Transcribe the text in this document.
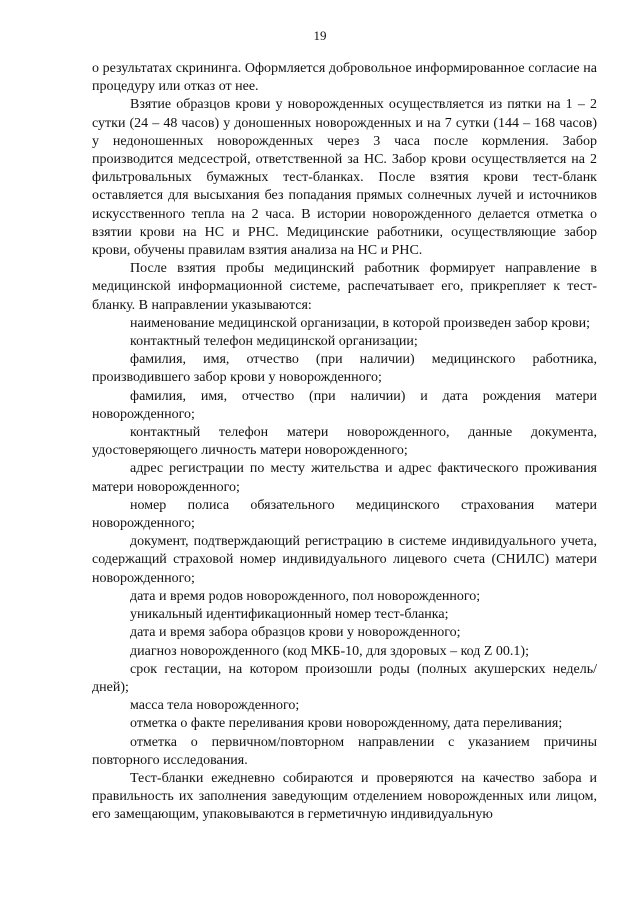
19

о результатах скрининга. Оформляется добровольное информированное согласие на процедуру или отказ от нее.

Взятие образцов крови у новорожденных осуществляется из пятки на 1 – 2 сутки (24 – 48 часов) у доношенных новорожденных и на 7 сутки (144 – 168 часов) у недоношенных новорожденных через 3 часа после кормления. Забор производится медсестрой, ответственной за НС. Забор крови осуществляется на 2 фильтровальных бумажных тест-бланках. После взятия крови тест-бланк оставляется для высыхания без попадания прямых солнечных лучей и источников искусственного тепла на 2 часа. В истории новорожденного делается отметка о взятии крови на НС и РНС. Медицинские работники, осуществляющие забор крови, обучены правилам взятия анализа на НС и РНС.

После взятия пробы медицинский работник формирует направление в медицинской информационной системе, распечатывает его, прикрепляет к тест-бланку. В направлении указываются:

наименование медицинской организации, в которой произведен забор крови;

контактный телефон медицинской организации;

фамилия, имя, отчество (при наличии) медицинского работника, производившего забор крови у новорожденного;

фамилия, имя, отчество (при наличии) и дата рождения матери новорожденного;

контактный телефон матери новорожденного, данные документа, удостоверяющего личность матери новорожденного;

адрес регистрации по месту жительства и адрес фактического проживания матери новорожденного;

номер полиса обязательного медицинского страхования матери новорожденного;

документ, подтверждающий регистрацию в системе индивидуального учета, содержащий страховой номер индивидуального лицевого счета (СНИЛС) матери новорожденного;

дата и время родов новорожденного, пол новорожденного;

уникальный идентификационный номер тест-бланка;

дата и время забора образцов крови у новорожденного;

диагноз новорожденного (код МКБ-10, для здоровых – код Z 00.1);

срок гестации, на котором произошли роды (полных акушерских недель/дней);

масса тела новорожденного;

отметка о факте переливания крови новорожденному, дата переливания;

отметка о первичном/повторном направлении с указанием причины повторного исследования.

Тест-бланки ежедневно собираются и проверяются на качество забора и правильность их заполнения заведующим отделением новорожденных или лицом, его замещающим, упаковываются в герметичную индивидуальную
